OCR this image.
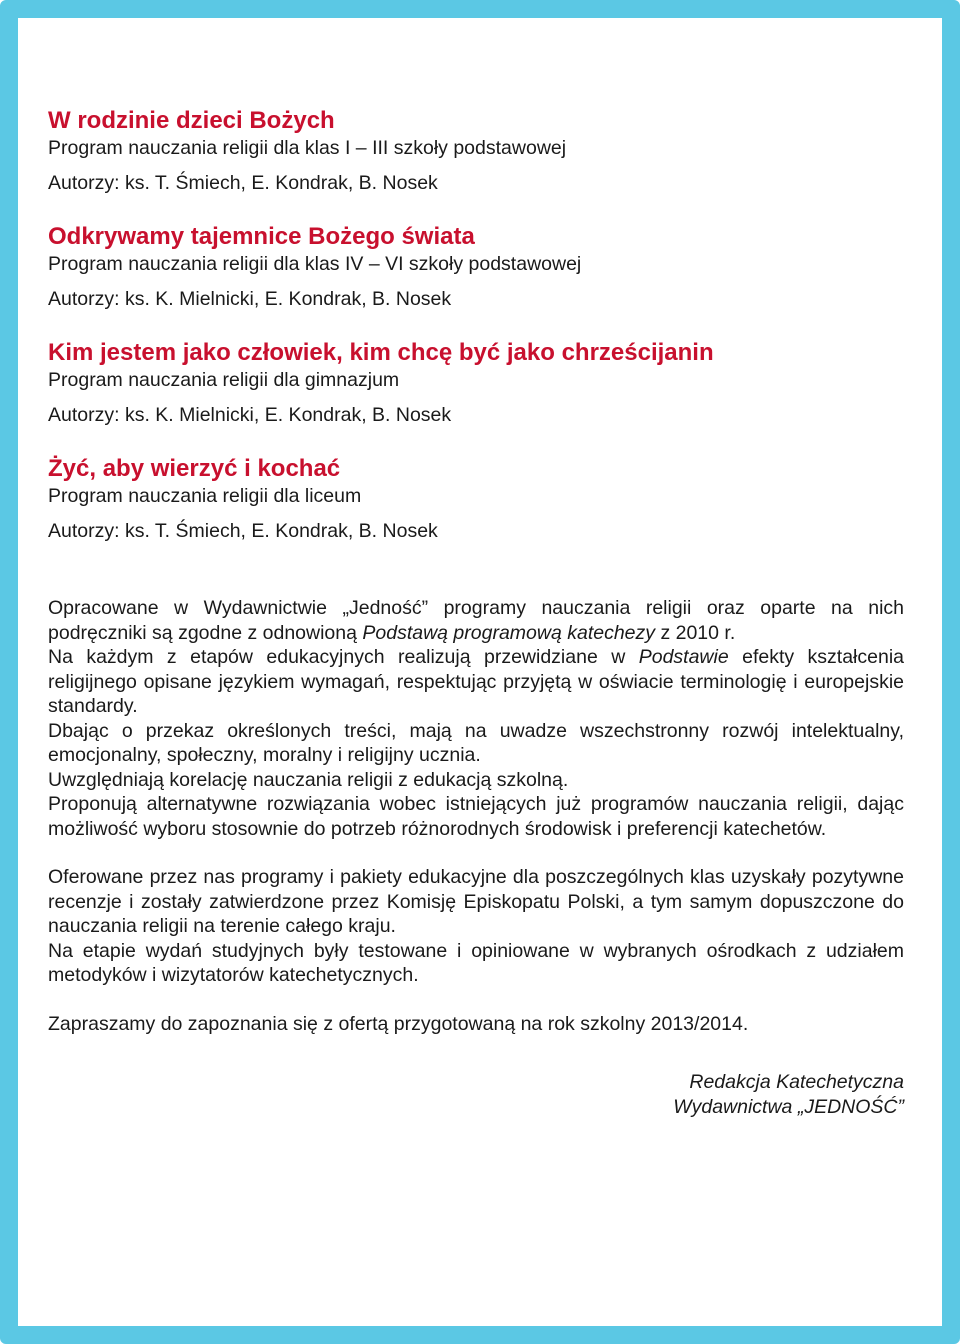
W rodzinie dzieci Bożych
Program nauczania religii dla klas I – III szkoły podstawowej
Autorzy: ks. T. Śmiech, E. Kondrak, B. Nosek
Odkrywamy tajemnice Bożego świata
Program nauczania religii dla klas IV – VI szkoły podstawowej
Autorzy: ks. K. Mielnicki, E. Kondrak, B. Nosek
Kim jestem jako człowiek, kim chcę być jako chrześcijanin
Program nauczania religii dla gimnazjum
Autorzy: ks. K. Mielnicki, E. Kondrak, B. Nosek
Żyć, aby wierzyć i kochać
Program nauczania religii dla liceum
Autorzy: ks. T. Śmiech, E. Kondrak, B. Nosek

Opracowane w Wydawnictwie „Jedność” programy nauczania religii oraz oparte na nich podręczniki są zgodne z odnowioną Podstawą programową katechezy z 2010 r.

Na każdym z etapów edukacyjnych realizują przewidziane w Podstawie efekty kształcenia religijnego opisane językiem wymagań, respektując przyjętą w oświacie terminologię i europejskie standardy.

Dbając o przekaz określonych treści, mają na uwadze wszechstronny rozwój intelektualny, emocjonalny, społeczny, moralny i religijny ucznia.

Uwzględniają korelację nauczania religii z edukacją szkolną.

Proponują alternatywne rozwiązania wobec istniejących już programów nauczania religii, dając możliwość wyboru stosownie do potrzeb różnorodnych środowisk i preferencji katechetów.

Oferowane przez nas programy i pakiety edukacyjne dla poszczególnych klas uzyskały pozytywne recenzje i zostały zatwierdzone przez Komisję Episkopatu Polski, a tym samym dopuszczone do nauczania religii na terenie całego kraju.

Na etapie wydań studyjnych były testowane i opiniowane w wybranych ośrodkach z udziałem metodyków i wizytatorów katechetycznych.

Zapraszamy do zapoznania się z ofertą przygotowaną na rok szkolny 2013/2014.

Redakcja Katechetyczna
Wydawnictwa „JEDNOŚĆ”
